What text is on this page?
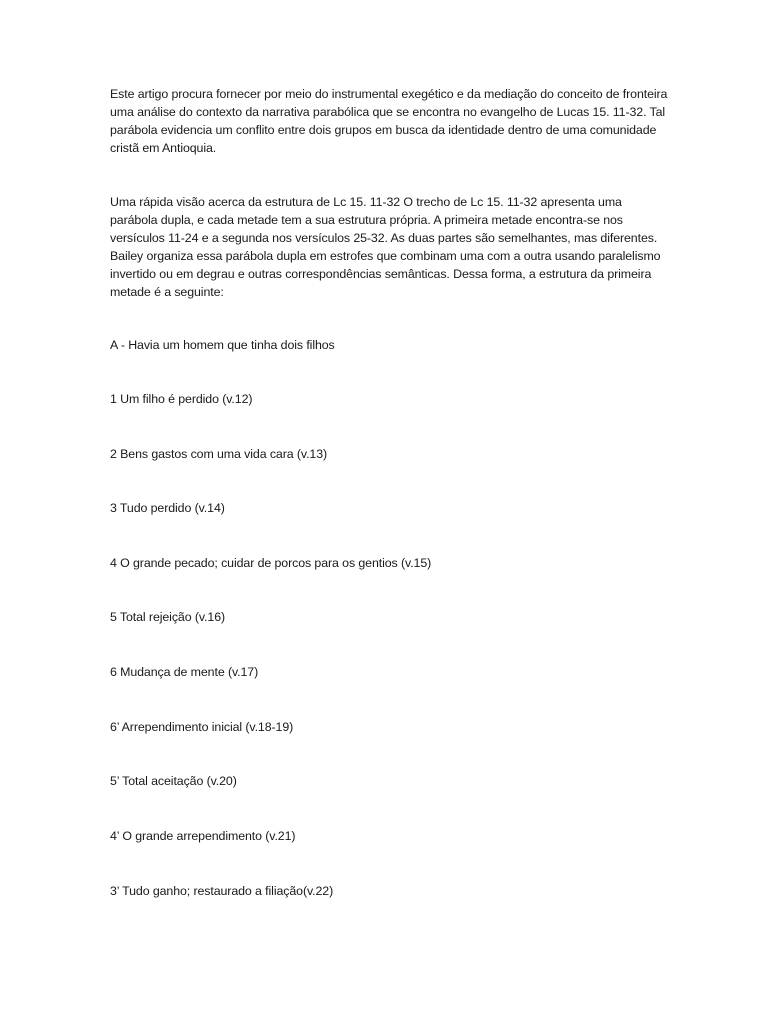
Este artigo procura fornecer por meio do instrumental exegético e da mediação do conceito de fronteira uma análise do contexto da narrativa parabólica que se encontra no evangelho de Lucas 15. 11-32. Tal parábola evidencia um conflito entre dois grupos em busca da identidade dentro de uma comunidade cristã em Antioquia.

Uma rápida visão acerca da estrutura de Lc 15. 11-32 O trecho de Lc 15. 11-32 apresenta uma parábola dupla, e cada metade tem a sua estrutura própria. A primeira metade encontra-se nos versículos 11-24 e a segunda nos versículos 25-32. As duas partes são semelhantes, mas diferentes. Bailey organiza essa parábola dupla em estrofes que combinam uma com a outra usando paralelismo invertido ou em degrau e outras correspondências semânticas. Dessa forma, a estrutura da primeira metade é a seguinte:

A - Havia um homem que tinha dois filhos

1 Um filho é perdido (v.12)

2 Bens gastos com uma vida cara (v.13)

3 Tudo perdido (v.14)

4 O grande pecado; cuidar de porcos para os gentios (v.15)

5 Total rejeição (v.16)

6 Mudança de mente (v.17)

6’ Arrependimento inicial (v.18-19)

5’ Total aceitação (v.20)

4’ O grande arrependimento (v.21)

3’ Tudo ganho; restaurado a filiação(v.22)
